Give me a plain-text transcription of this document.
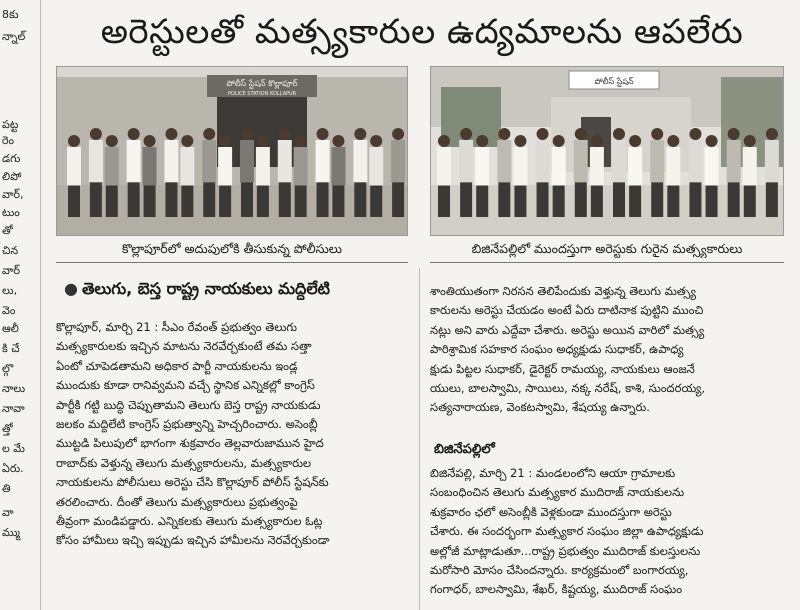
8కు
న్నాల్
పట్ట
రెం
డగు
లిపో
వార్,
టుం
తో
చిన
వార్
లు,
వెం
ఆలీ
కి చే
ల్గొ
నాలు
నావా
త్తో
ల మే
ఏరు.
తి
వా
మ్ము
అరెస్టులతో మత్స్యకారుల ఉద్యమాలను ఆపలేరు
పోలీస్ స్టేషన్ కొల్లాపూర్
POLICE STATION KOLLAPUR
పోలీస్ స్టేషన్
కొల్లాపూర్‌లో అదుపులోకి తీసుకున్న పోలీసులు	బిజినేపల్లిలో ముందస్తుగా అరెస్టుకు గురైన మత్స్యకారులు
● తెలుగు, బెస్త రాష్ట్ర నాయకులు మద్దిలేటి
కొల్లాపూర్, మార్చి 21 : సీఎం రేవంత్ ప్రభుత్వం తెలుగు
మత్స్యకారులకు ఇచ్చిన మాటను నెరవేర్చకుంటే తమ సత్తా
ఏంటో చూపెడతామని అధికార పార్టీ నాయకులను ఇండ్ల
ముందుకు కూడా రానివ్వమని వచ్చే స్థానిక ఎన్నికల్లో కాంగ్రెస్
పార్టీకి గట్టి బుద్ధి చెప్పుతామని తెలుగు బెస్త రాష్ట్ర నాయకుడు
జలకం మద్దిలేటి కాంగ్రెస్ ప్రభుత్వాన్ని హెచ్చరించారు. అసెంబ్లీ
ముట్టడి పిలుపులో భాగంగా శుక్రవారం తెల్లవారుజామున హైద
రాబాద్‌కు వెళ్తున్న తెలుగు మత్స్యకారులను, మత్స్యకారుల
నాయకులను పోలీసులు అరెస్టు చేసి కొల్లాపూర్ పోలీస్ స్టేషన్‌కు
తరలించారు. దీంతో తెలుగు మత్స్యకారులు ప్రభుత్వంపై
తీవ్రంగా మండిపడ్డారు. ఎన్నికలకు తెలుగు మత్స్యకారుల ఓట్ల
కోసం హామీలు ఇచ్చి ఇప్పుడు ఇచ్చిన హామీలను నెరవేర్చకుండా
శాంతియుతంగా నిరసన తెలిపేందుకు వెళ్తున్న తెలుగు మత్స్య
కారులను అరెస్టు చేయడం అంటే ఏరు దాటినాక పుట్టిని ముంచి
నట్లు అని వారు ఎద్దేవా చేశారు. అరెస్టు అయిన వారిలో మత్స్య
పారిశ్రామిక సహకార సంఘం అధ్యక్షుడు సుధాకర్, ఉపాధ్య
క్షుడు పిట్టల సుధాకర్, డైరెక్టర్ రామయ్య, నాయకులు ఆంజనే
యులు, బాలస్వామి, సాయిలు, నక్క నరేష్, కాశి, సుందరయ్య,
సత్యనారాయణ, వెంకటస్వామి, శేషయ్య ఉన్నారు.
బిజినేపల్లిలో
బిజినేపల్లి, మార్చి 21 : మండలంలోని ఆయా గ్రామాలకు
సంబంధించిన తెలుగు మత్స్యకార ముదిరాజ్ నాయకులను
శుక్రవారం ఛలో అసెంబ్లీకి వెళ్లకుండా ముందస్తుగా అరెస్టు
చేశారు. ఈ సందర్భంగా మత్స్యకార సంఘం జిల్లా ఉపాధ్యక్షుడు
అల్లోజీ మాట్లాడుతూ...రాష్ట్ర ప్రభుత్వం ముదిరాజ్ కులస్తులను
మరోసారి మోసం చేసిందన్నారు. కార్యక్రమంలో బంగారయ్య,
గంగాధర్, బాలస్వామి, శేఖర్, కిష్టయ్య, ముదిరాజ్ సంఘం
